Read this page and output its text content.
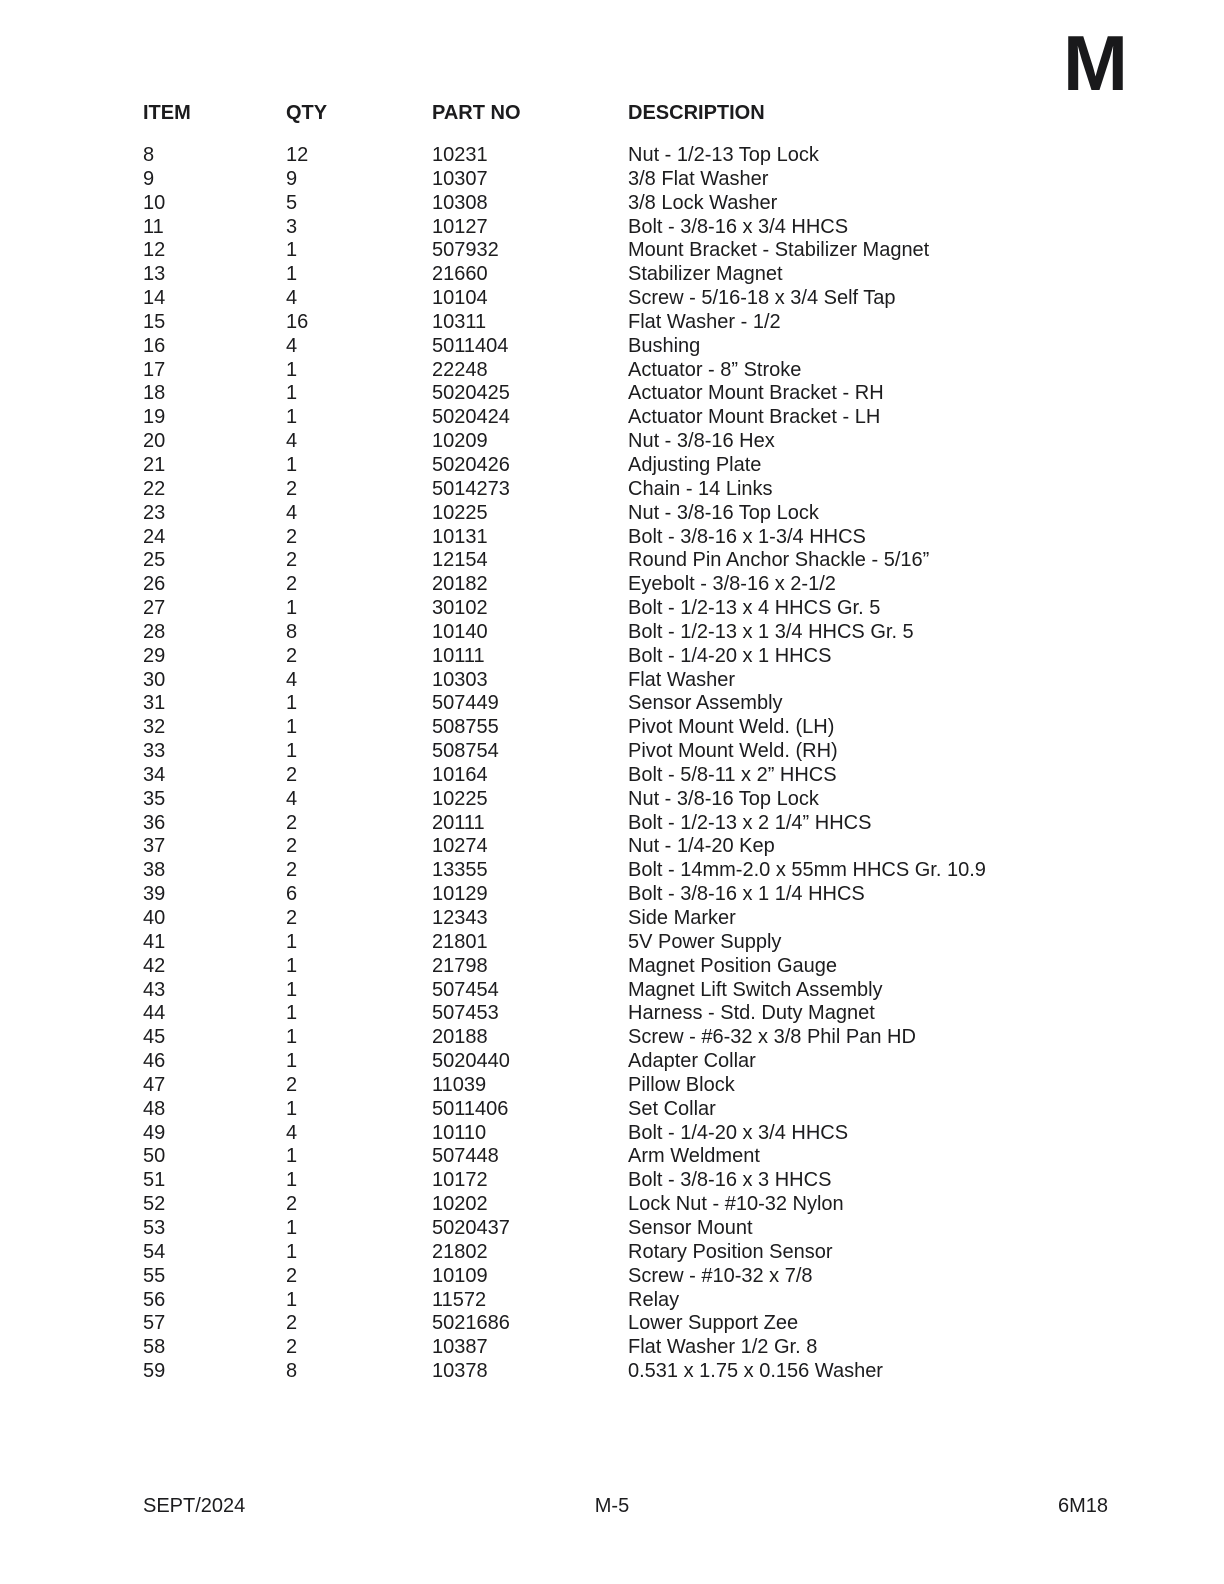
M
ITEM	QTY	PART NO	DESCRIPTION
8	12	10231	Nut - 1/2-13 Top Lock
9	9	10307	3/8 Flat Washer
10	5	10308	3/8 Lock Washer
11	3	10127	Bolt - 3/8-16 x 3/4 HHCS
12	1	507932	Mount Bracket - Stabilizer Magnet
13	1	21660	Stabilizer Magnet
14	4	10104	Screw - 5/16-18 x 3/4 Self Tap
15	16	10311	Flat Washer - 1/2
16	4	5011404	Bushing
17	1	22248	Actuator - 8” Stroke
18	1	5020425	Actuator Mount Bracket - RH
19	1	5020424	Actuator Mount Bracket - LH
20	4	10209	Nut - 3/8-16 Hex
21	1	5020426	Adjusting Plate
22	2	5014273	Chain - 14 Links
23	4	10225	Nut - 3/8-16 Top Lock
24	2	10131	Bolt - 3/8-16 x 1-3/4 HHCS
25	2	12154	Round Pin Anchor Shackle - 5/16”
26	2	20182	Eyebolt - 3/8-16 x 2-1/2
27	1	30102	Bolt - 1/2-13 x 4 HHCS Gr. 5
28	8	10140	Bolt - 1/2-13 x 1 3/4 HHCS Gr. 5
29	2	10111	Bolt - 1/4-20 x 1 HHCS
30	4	10303	Flat Washer
31	1	507449	Sensor Assembly
32	1	508755	Pivot Mount Weld. (LH)
33	1	508754	Pivot Mount Weld. (RH)
34	2	10164	Bolt - 5/8-11 x 2” HHCS
35	4	10225	Nut - 3/8-16 Top Lock
36	2	20111	Bolt - 1/2-13 x 2 1/4” HHCS
37	2	10274	Nut - 1/4-20 Kep
38	2	13355	Bolt - 14mm-2.0 x 55mm HHCS Gr. 10.9
39	6	10129	Bolt - 3/8-16 x 1 1/4 HHCS
40	2	12343	Side Marker
41	1	21801	5V Power Supply
42	1	21798	Magnet Position Gauge
43	1	507454	Magnet Lift Switch Assembly
44	1	507453	Harness - Std. Duty Magnet
45	1	20188	Screw - #6-32 x 3/8 Phil Pan HD
46	1	5020440	Adapter Collar
47	2	11039	Pillow Block
48	1	5011406	Set Collar
49	4	10110	Bolt - 1/4-20 x 3/4 HHCS
50	1	507448	Arm Weldment
51	1	10172	Bolt - 3/8-16 x 3 HHCS
52	2	10202	Lock Nut - #10-32 Nylon
53	1	5020437	Sensor Mount
54	1	21802	Rotary Position Sensor
55	2	10109	Screw - #10-32 x 7/8
56	1	11572	Relay
57	2	5021686	Lower Support Zee
58	2	10387	Flat Washer 1/2 Gr. 8
59	8	10378	0.531 x 1.75 x 0.156 Washer
SEPT/2024	M-5	6M18
